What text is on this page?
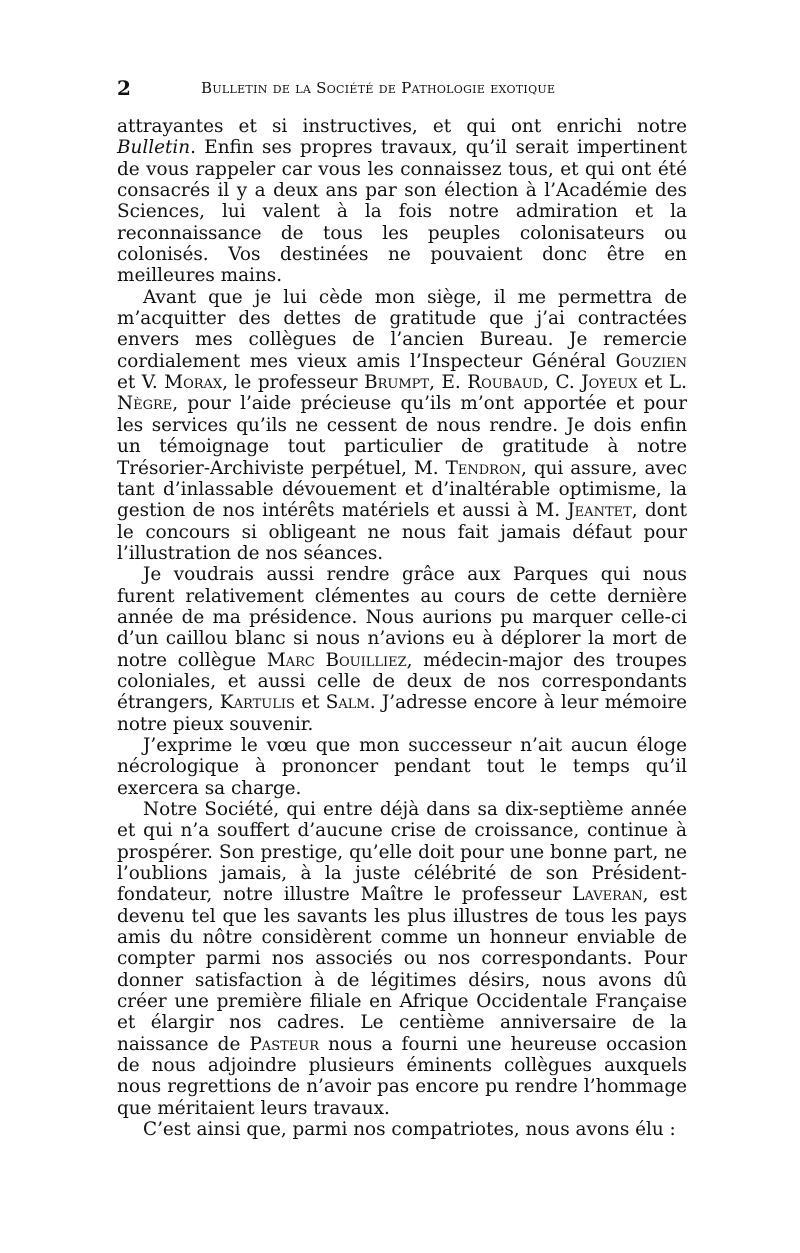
2	Bulletin de la Société de Pathologie exotique

attrayantes et si instructives, et qui ont enrichi notre Bulletin. Enfin ses propres travaux, qu’il serait impertinent de vous rappeler car vous les connaissez tous, et qui ont été consacrés il y a deux ans par son élection à l’Académie des Sciences, lui valent à la fois notre admiration et la reconnaissance de tous les peuples colonisateurs ou colonisés. Vos destinées ne pouvaient donc être en meilleures mains.

Avant que je lui cède mon siège, il me permettra de m’acquitter des dettes de gratitude que j’ai contractées envers mes collègues de l’ancien Bureau. Je remercie cordialement mes vieux amis l’Inspecteur Général Gouzien et V. Morax, le professeur Brumpt, E. Roubaud, C. Joyeux et L. Nègre, pour l’aide précieuse qu’ils m’ont apportée et pour les services qu’ils ne cessent de nous rendre. Je dois enfin un témoignage tout particulier de gratitude à notre Trésorier-Archiviste perpétuel, M. Tendron, qui assure, avec tant d’inlassable dévouement et d’inaltérable optimisme, la gestion de nos intérêts matériels et aussi à M. Jeantet, dont le concours si obligeant ne nous fait jamais défaut pour l’illustration de nos séances.

Je voudrais aussi rendre grâce aux Parques qui nous furent relativement clémentes au cours de cette dernière année de ma présidence. Nous aurions pu marquer celle-ci d’un caillou blanc si nous n’avions eu à déplorer la mort de notre collègue Marc Bouilliez, médecin-major des troupes coloniales, et aussi celle de deux de nos correspondants étrangers, Kartulis et Salm. J’adresse encore à leur mémoire notre pieux souvenir.

J’exprime le vœu que mon successeur n’ait aucun éloge nécrologique à prononcer pendant tout le temps qu’il exercera sa charge.

Notre Société, qui entre déjà dans sa dix-septième année et qui n’a souffert d’aucune crise de croissance, continue à prospérer. Son prestige, qu’elle doit pour une bonne part, ne l’oublions jamais, à la juste célébrité de son Président-fondateur, notre illustre Maître le professeur Laveran, est devenu tel que les savants les plus illustres de tous les pays amis du nôtre considèrent comme un honneur enviable de compter parmi nos associés ou nos correspondants. Pour donner satisfaction à de légitimes désirs, nous avons dû créer une première filiale en Afrique Occidentale Française et élargir nos cadres. Le centième anniversaire de la naissance de Pasteur nous a fourni une heureuse occasion de nous adjoindre plusieurs éminents collègues auxquels nous regrettions de n’avoir pas encore pu rendre l’hommage que méritaient leurs travaux.

C’est ainsi que, parmi nos compatriotes, nous avons élu :
